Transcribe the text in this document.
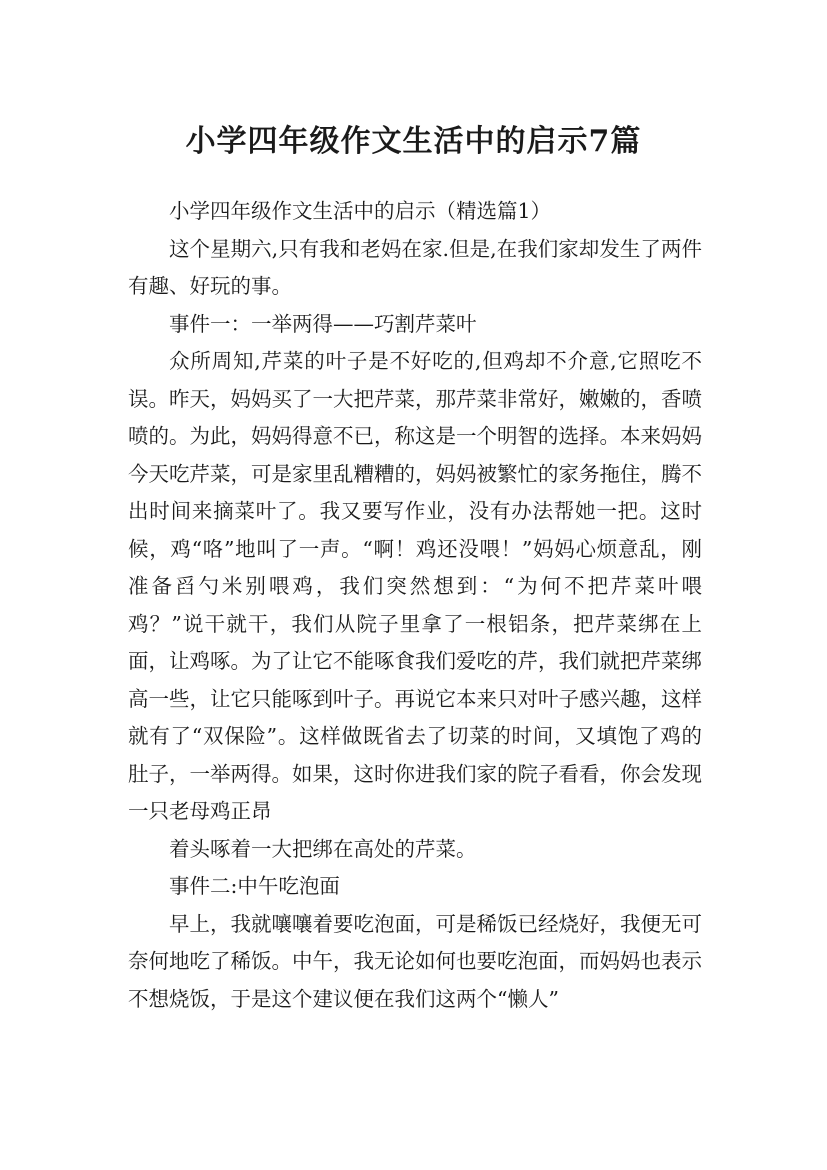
小学四年级作文生活中的启示7篇

小学四年级作文生活中的启示（精选篇1）

这个星期六,只有我和老妈在家.但是,在我们家却发生了两件有趣、好玩的事。

事件一：一举两得——巧割芹菜叶

众所周知,芹菜的叶子是不好吃的,但鸡却不介意,它照吃不误。昨天，妈妈买了一大把芹菜，那芹菜非常好，嫩嫩的，香喷喷的。为此，妈妈得意不已，称这是一个明智的选择。本来妈妈今天吃芹菜，可是家里乱糟糟的，妈妈被繁忙的家务拖住，腾不出时间来摘菜叶了。我又要写作业，没有办法帮她一把。这时候，鸡“咯”地叫了一声。“啊！鸡还没喂！”妈妈心烦意乱，刚准备舀勺米别喂鸡，我们突然想到：“为何不把芹菜叶喂鸡？”说干就干，我们从院子里拿了一根铝条，把芹菜绑在上面，让鸡啄。为了让它不能啄食我们爱吃的芹，我们就把芹菜绑高一些，让它只能啄到叶子。再说它本来只对叶子感兴趣，这样就有了“双保险”。这样做既省去了切菜的时间，又填饱了鸡的肚子，一举两得。如果，这时你进我们家的院子看看，你会发现一只老母鸡正昂

着头啄着一大把绑在高处的芹菜。

事件二:中午吃泡面

早上，我就嚷嚷着要吃泡面，可是稀饭已经烧好，我便无可奈何地吃了稀饭。中午，我无论如何也要吃泡面，而妈妈也表示不想烧饭，于是这个建议便在我们这两个“懒人”
